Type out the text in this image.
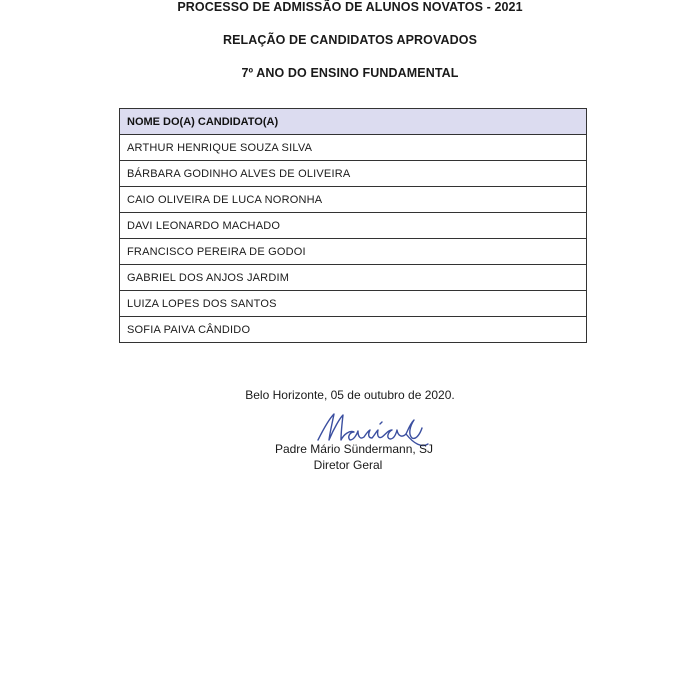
PROCESSO DE ADMISSÃO DE ALUNOS NOVATOS - 2021
RELAÇÃO DE CANDIDATOS APROVADOS
7º ANO DO ENSINO FUNDAMENTAL
NOME DO(A) CANDIDATO(A)
ARTHUR HENRIQUE SOUZA SILVA
BÁRBARA GODINHO ALVES DE OLIVEIRA
CAIO OLIVEIRA DE LUCA NORONHA
DAVI LEONARDO MACHADO
FRANCISCO PEREIRA DE GODOI
GABRIEL DOS ANJOS JARDIM
LUIZA LOPES DOS SANTOS
SOFIA PAIVA CÂNDIDO
Belo Horizonte, 05 de outubro de 2020.
Padre Mário Sündermann, SJ
Diretor Geral
